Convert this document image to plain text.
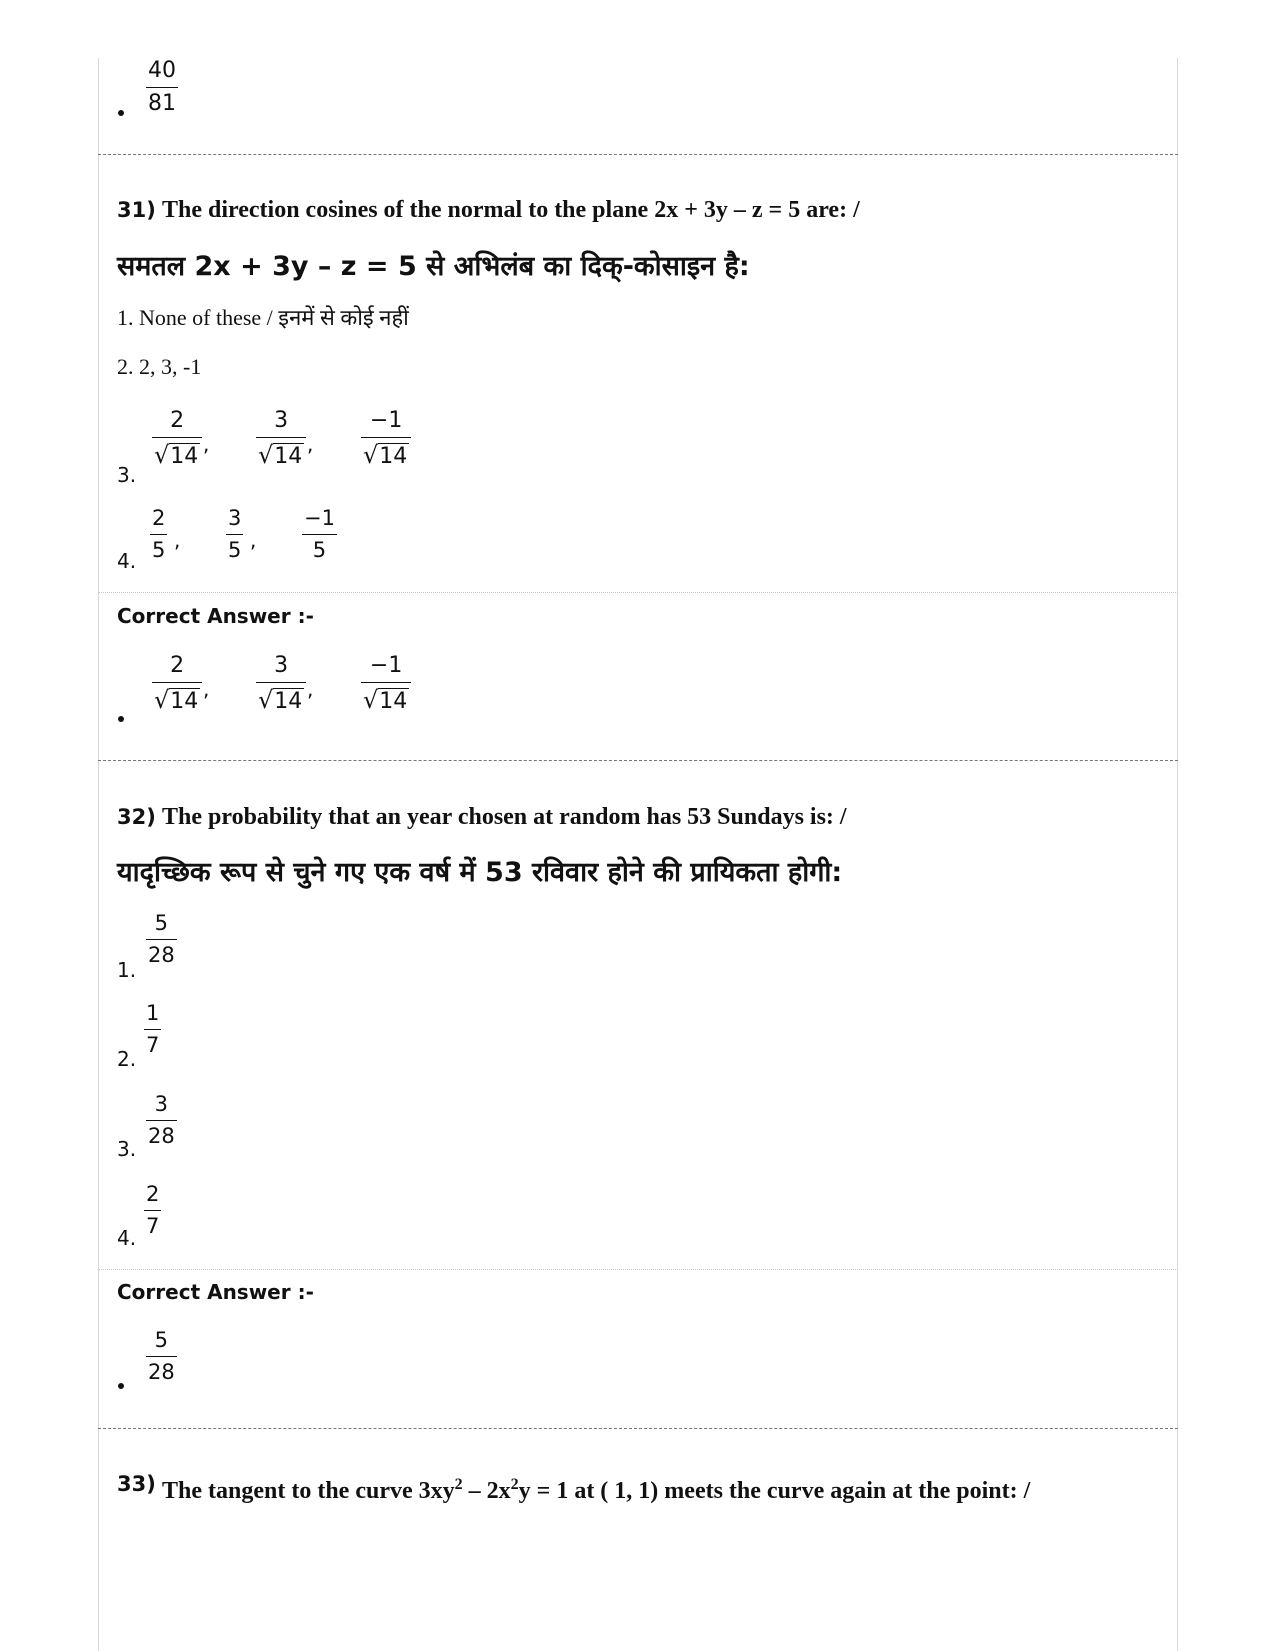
40
81
31) The direction cosines of the normal to the plane 2x + 3y – z = 5 are: /
समतल 2x + 3y – z = 5 से अभिलंब का दिक्-कोसाइन है:
1. None of these / इनमें से कोई नहीं
2. 2, 3, -1
3.
2
√ 14 ,
3
√ 14 ,
−1
√ 14
4.
2
5 ,
3
5 ,
−1
5
Correct Answer :-
2
√ 14 ,
3
√ 14 ,
−1
√ 14
32) The probability that an year chosen at random has 53 Sundays is: /
यादृच्छिक रूप से चुने गए एक वर्ष में 53 रविवार होने की प्रायिकता होगी:
1.
5
28
2.
1
7
3.
3
28
4.
2
7
Correct Answer :-
5
28
33) The tangent to the curve $3xy^2 - 2x^2y = 1$ at ( 1, 1) meets the curve again at the point: /
